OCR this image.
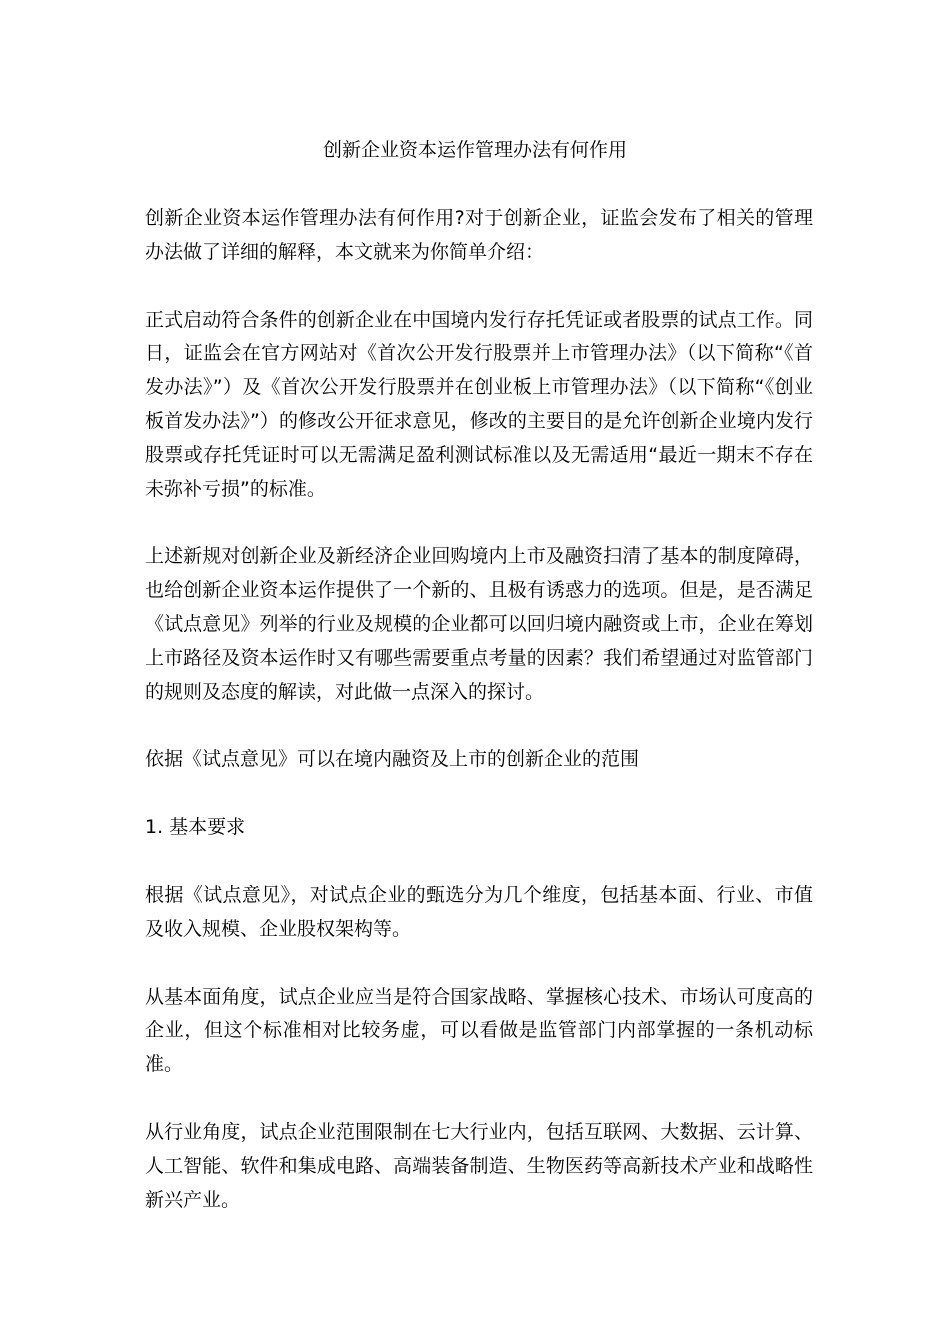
创新企业资本运作管理办法有何作用

创新企业资本运作管理办法有何作用?对于创新企业，证监会发布了相关的管理办法做了详细的解释，本文就来为你简单介绍：

正式启动符合条件的创新企业在中国境内发行存托凭证或者股票的试点工作。同日，证监会在官方网站对《首次公开发行股票并上市管理办法》（以下简称“《首发办法》”）及《首次公开发行股票并在创业板上市管理办法》（以下简称“《创业板首发办法》”）的修改公开征求意见，修改的主要目的是允许创新企业境内发行股票或存托凭证时可以无需满足盈利测试标准以及无需适用“最近一期末不存在未弥补亏损”的标准。

上述新规对创新企业及新经济企业回购境内上市及融资扫清了基本的制度障碍，也给创新企业资本运作提供了一个新的、且极有诱惑力的选项。但是，是否满足《试点意见》列举的行业及规模的企业都可以回归境内融资或上市，企业在筹划上市路径及资本运作时又有哪些需要重点考量的因素？我们希望通过对监管部门的规则及态度的解读，对此做一点深入的探讨。

依据《试点意见》可以在境内融资及上市的创新企业的范围

1. 基本要求

根据《试点意见》，对试点企业的甄选分为几个维度，包括基本面、行业、市值及收入规模、企业股权架构等。

从基本面角度，试点企业应当是符合国家战略、掌握核心技术、市场认可度高的企业，但这个标准相对比较务虚，可以看做是监管部门内部掌握的一条机动标准。

从行业角度，试点企业范围限制在七大行业内，包括互联网、大数据、云计算、人工智能、软件和集成电路、高端装备制造、生物医药等高新技术产业和战略性新兴产业。
